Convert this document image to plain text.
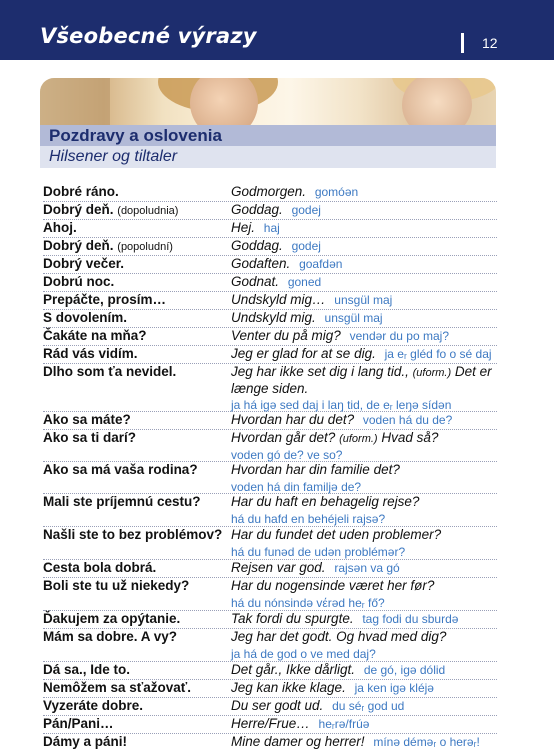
Všeobecné výrazy	12
Pozdravy a oslovenia
Hilsener og tiltaler
Dobré ráno.	Godmorgen. gomóən
Dobrý deň. (dopoludnia)	Goddag. godej
Ahoj.	Hej. haj
Dobrý deň. (popoludní)	Goddag. godej
Dobrý večer.	Godaften. goafdən
Dobrú noc.	Godnat. goned
Prepáčte, prosím…	Undskyld mig… unsgül maj
S dovolením.	Undskyld mig. unsgül maj
Čakáte na mňa?	Venter du på mig? vendər du po maj?
Rád vás vidím.	Jeg er glad for at se dig. ja eᵣ gléd fo o sé daj
Dlho som ťa nevidel.	Jeg har ikke set dig i lang tid., (uform.) Det er længe siden.
ja há igə sed daj i laŋ tid, de eᵣ leŋə sídən
Ako sa máte?	Hvordan har du det? voden há du de?
Ako sa ti darí?	Hvordan går det? (uform.) Hvad så?
voden gó de? ve so?
Ako sa má vaša rodina?	Hvordan har din familie det?
voden há din familjə de?
Mali ste príjemnú cestu?	Har du haft en behagelig rejse?
há du hafd en behéjeli rajsə?
Našli ste to bez problémov? Har du fundet det uden problemer?
há du funəd de udən problémər?
Cesta bola dobrá.	Rejsen var god. rajsən va gó
Boli ste tu už niekedy?	Har du nogensinde været her før?
há du nónsində vέrəd heᵣ fő?
Ďakujem za opýtanie.	Tak fordi du spurgte. tag fodi du sburdə
Mám sa dobre. A vy?	Jeg har det godt. Og hvad med dig?
ja há de god o ve med daj?
Dá sa., Ide to.	Det går., Ikke dårligt. de gó, igə dólid
Nemôžem sa sťažovať.	Jeg kan ikke klage. ja ken igə kléjə
Vyzeráte dobre.	Du ser godt ud. du séᵣ god ud
Pán/Pani…	Herre/Frue… heᵣrə/frúə
Dámy a páni!	Mine damer og herrer! mínə déməᵣ o herəᵣ!
